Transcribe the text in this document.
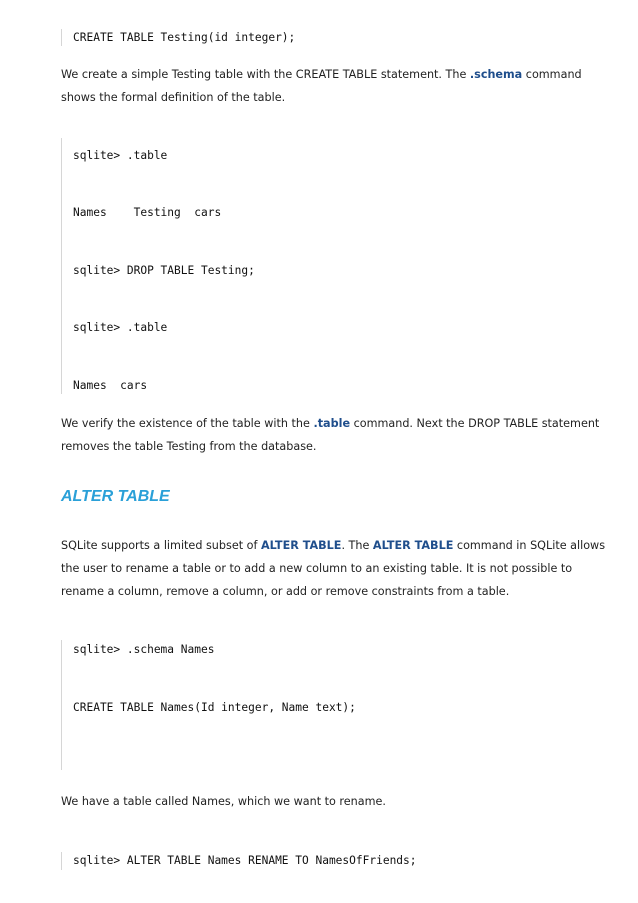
CREATE TABLE Testing(id integer);
We create a simple Testing table with the CREATE TABLE statement. The .schema command shows the formal definition of the table.
sqlite> .table
Names    Testing  cars
sqlite> DROP TABLE Testing;
sqlite> .table
Names  cars
We verify the existence of the table with the .table command. Next the DROP TABLE statement removes the table Testing from the database.
ALTER TABLE
SQLite supports a limited subset of ALTER TABLE. The ALTER TABLE command in SQLite allows the user to rename a table or to add a new column to an existing table. It is not possible to rename a column, remove a column, or add or remove constraints from a table.
sqlite> .schema Names
CREATE TABLE Names(Id integer, Name text);
We have a table called Names, which we want to rename.
sqlite> ALTER TABLE Names RENAME TO NamesOfFriends;
